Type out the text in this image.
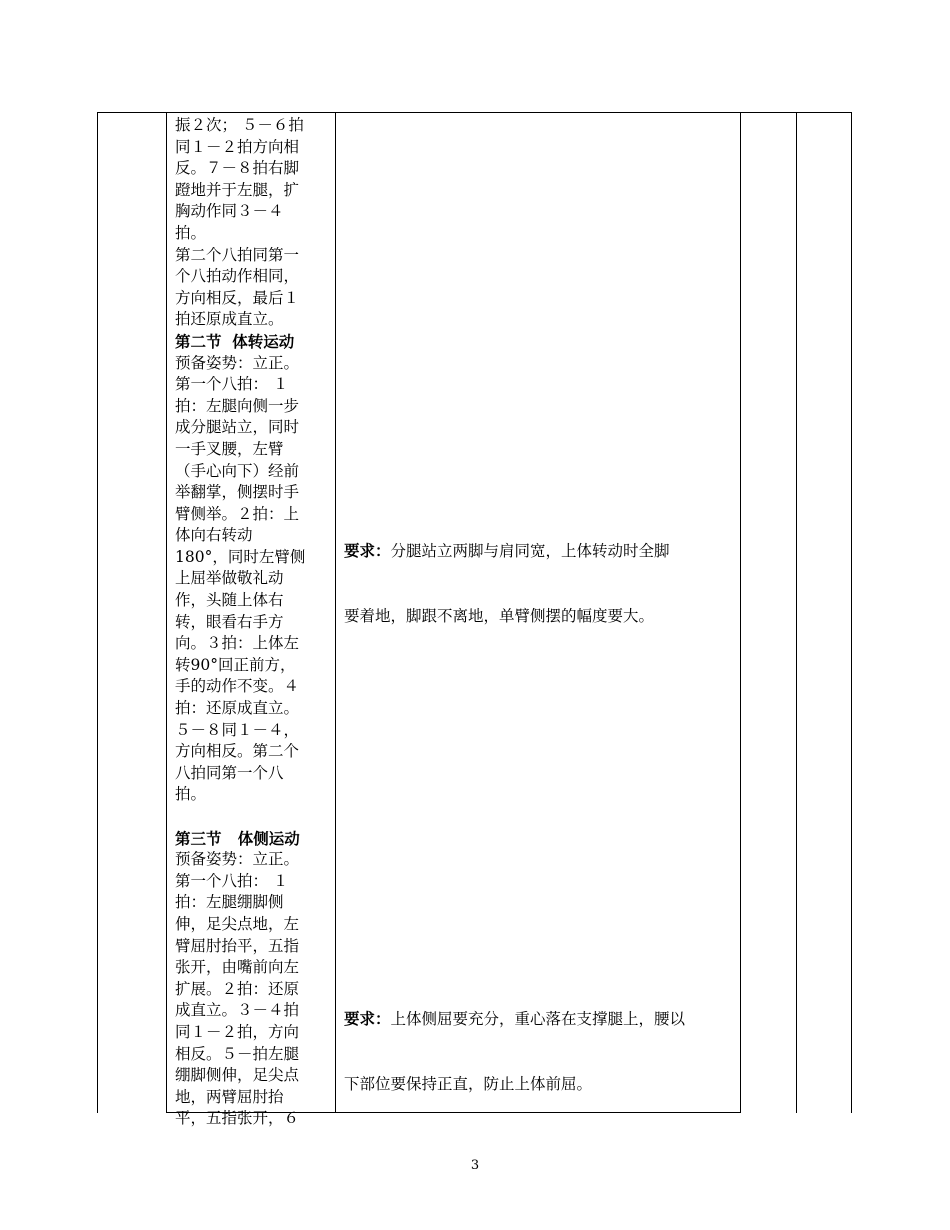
振２次； ５－６拍
同１－２拍方向相
反。７－８拍右脚
蹬地并于左腿，扩
胸动作同３－４
拍。
第二个八拍同第一
个八拍动作相同，
方向相反，最后１
拍还原成直立。
第二节  体转运动
预备姿势：立正。
第一个八拍： １
拍：左腿向侧一步
成分腿站立，同时
一手叉腰，左臂
（手心向下）经前
举翻掌，侧摆时手
臂侧举。２拍：上
体向右转动
180°，同时左臂侧
上屈举做敬礼动
作，头随上体右
转，眼看右手方
向。３拍：上体左
转90°回正前方，
手的动作不变。４
拍：还原成直立。
５－８同１－４，
方向相反。第二个
八拍同第一个八
拍。

第三节   体侧运动
预备姿势：立正。
第一个八拍： １
拍：左腿绷脚侧
伸，足尖点地，左
臂屈肘抬平，五指
张开，由嘴前向左
扩展。２拍：还原
成直立。３－４拍
同１－２拍，方向
相反。５－拍左腿
绷脚侧伸，足尖点
地，两臂屈肘抬
平，五指张开，６

要求：分腿站立两脚与肩同宽，上体转动时全脚

要着地，脚跟不离地，单臂侧摆的幅度要大。

要求：上体侧屈要充分，重心落在支撑腿上，腰以

下部位要保持正直，防止上体前屈。

3
